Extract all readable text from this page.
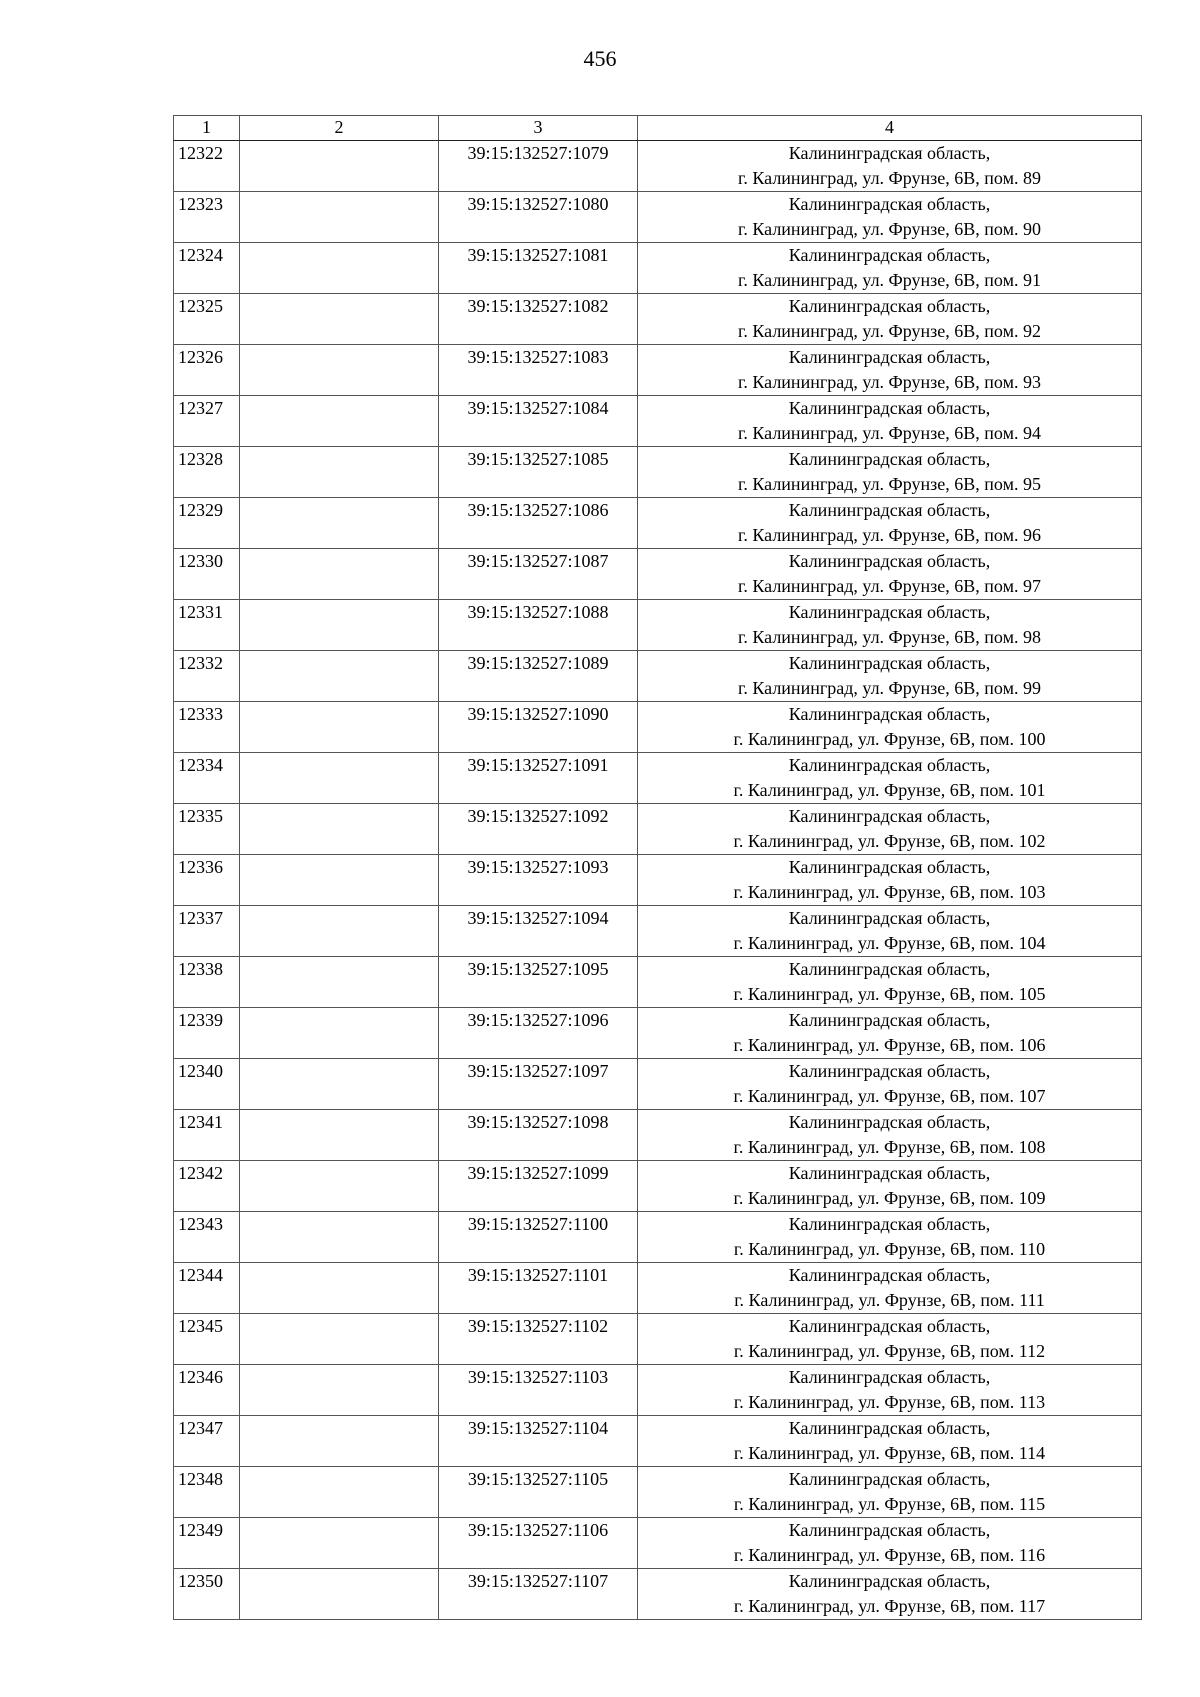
456
1	2	3	4
12322		39:15:132527:1079	Калининградская область,
г. Калининград, ул. Фрунзе, 6В, пом. 89

12323		39:15:132527:1080	Калининградская область,
г. Калининград, ул. Фрунзе, 6В, пом. 90

12324		39:15:132527:1081	Калининградская область,
г. Калининград, ул. Фрунзе, 6В, пом. 91

12325		39:15:132527:1082	Калининградская область,
г. Калининград, ул. Фрунзе, 6В, пом. 92

12326		39:15:132527:1083	Калининградская область,
г. Калининград, ул. Фрунзе, 6В, пом. 93

12327		39:15:132527:1084	Калининградская область,
г. Калининград, ул. Фрунзе, 6В, пом. 94

12328		39:15:132527:1085	Калининградская область,
г. Калининград, ул. Фрунзе, 6В, пом. 95

12329		39:15:132527:1086	Калининградская область,
г. Калининград, ул. Фрунзе, 6В, пом. 96

12330		39:15:132527:1087	Калининградская область,
г. Калининград, ул. Фрунзе, 6В, пом. 97

12331		39:15:132527:1088	Калининградская область,
г. Калининград, ул. Фрунзе, 6В, пом. 98

12332		39:15:132527:1089	Калининградская область,
г. Калининград, ул. Фрунзе, 6В, пом. 99

12333		39:15:132527:1090	Калининградская область,
г. Калининград, ул. Фрунзе, 6В, пом. 100

12334		39:15:132527:1091	Калининградская область,
г. Калининград, ул. Фрунзе, 6В, пом. 101

12335		39:15:132527:1092	Калининградская область,
г. Калининград, ул. Фрунзе, 6В, пом. 102

12336		39:15:132527:1093	Калининградская область,
г. Калининград, ул. Фрунзе, 6В, пом. 103

12337		39:15:132527:1094	Калининградская область,
г. Калининград, ул. Фрунзе, 6В, пом. 104

12338		39:15:132527:1095	Калининградская область,
г. Калининград, ул. Фрунзе, 6В, пом. 105

12339		39:15:132527:1096	Калининградская область,
г. Калининград, ул. Фрунзе, 6В, пом. 106

12340		39:15:132527:1097	Калининградская область,
г. Калининград, ул. Фрунзе, 6В, пом. 107

12341		39:15:132527:1098	Калининградская область,
г. Калининград, ул. Фрунзе, 6В, пом. 108

12342		39:15:132527:1099	Калининградская область,
г. Калининград, ул. Фрунзе, 6В, пом. 109

12343		39:15:132527:1100	Калининградская область,
г. Калининград, ул. Фрунзе, 6В, пом. 110

12344		39:15:132527:1101	Калининградская область,
г. Калининград, ул. Фрунзе, 6В, пом. 111

12345		39:15:132527:1102	Калининградская область,
г. Калининград, ул. Фрунзе, 6В, пом. 112

12346		39:15:132527:1103	Калининградская область,
г. Калининград, ул. Фрунзе, 6В, пом. 113

12347		39:15:132527:1104	Калининградская область,
г. Калининград, ул. Фрунзе, 6В, пом. 114

12348		39:15:132527:1105	Калининградская область,
г. Калининград, ул. Фрунзе, 6В, пом. 115

12349		39:15:132527:1106	Калининградская область,
г. Калининград, ул. Фрунзе, 6В, пом. 116

12350		39:15:132527:1107	Калининградская область,
г. Калининград, ул. Фрунзе, 6В, пом. 117
